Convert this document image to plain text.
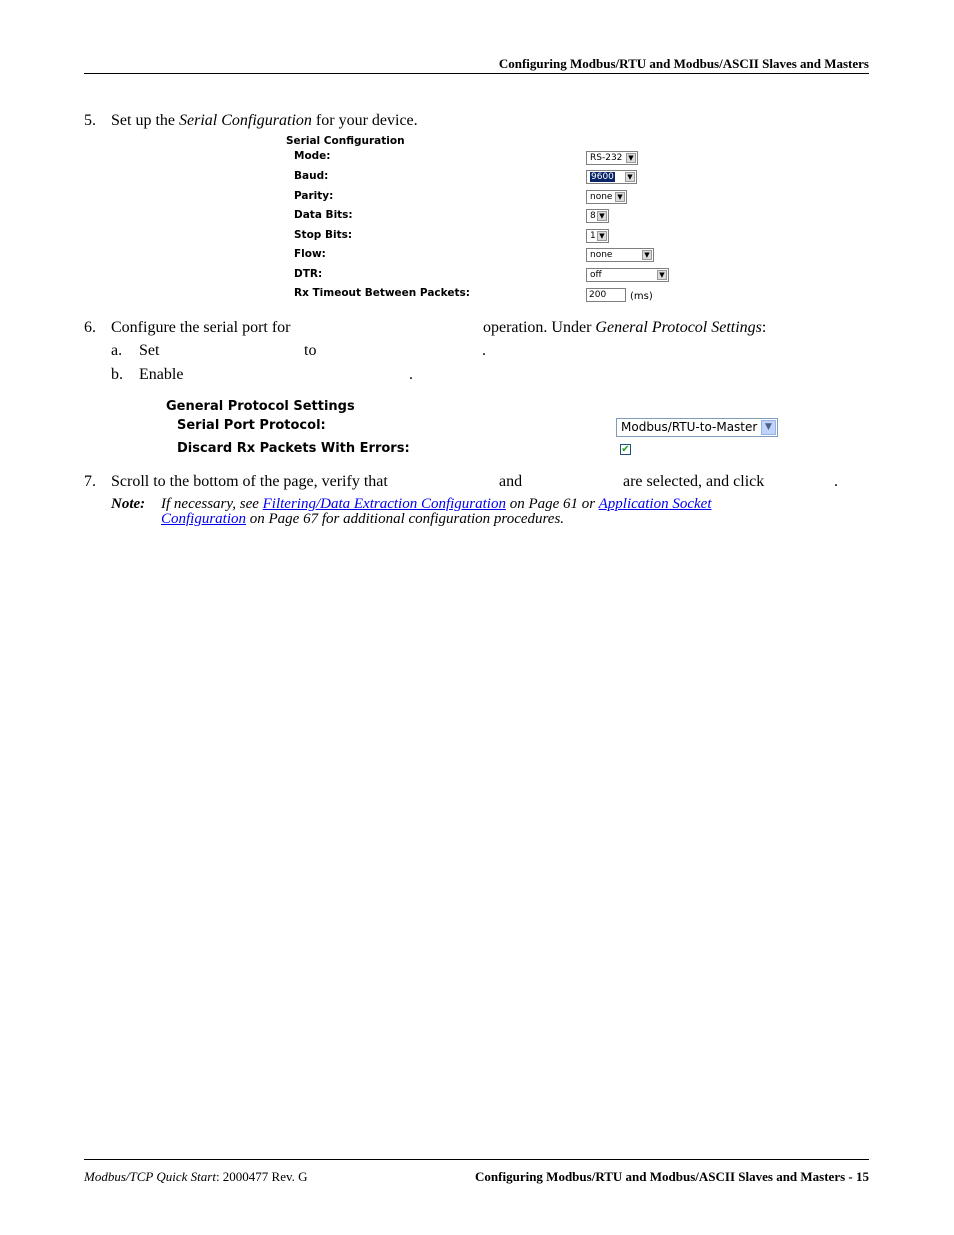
Configuring Modbus/RTU and Modbus/ASCII Slaves and Masters
5. Set up the Serial Configuration for your device.
Serial Configuration
Mode:	RS-232 ▼
Baud:	9600	▼
Parity:	none ▼
Data Bits:	8 ▼
Stop Bits:	1 ▼
Flow:	none	▼
DTR:	off	▼
Rx Timeout Between Packets:	200 (ms)
6. Configure the serial port for	operation. Under General Protocol Settings:
a. Set	to	.
b. Enable	.
General Protocol Settings
Serial Port Protocol:	Modbus/RTU-to-Master ▼
Discard Rx Packets With Errors:	✔
7. Scroll to the bottom of the page, verify that	and	are selected, and click	.
Note: If necessary, see Filtering/Data Extraction Configuration on Page 61 or Application Socket
Configuration on Page 67 for additional configuration procedures.
Modbus/TCP Quick Start: 2000477 Rev. G	Configuring Modbus/RTU and Modbus/ASCII Slaves and Masters - 15
